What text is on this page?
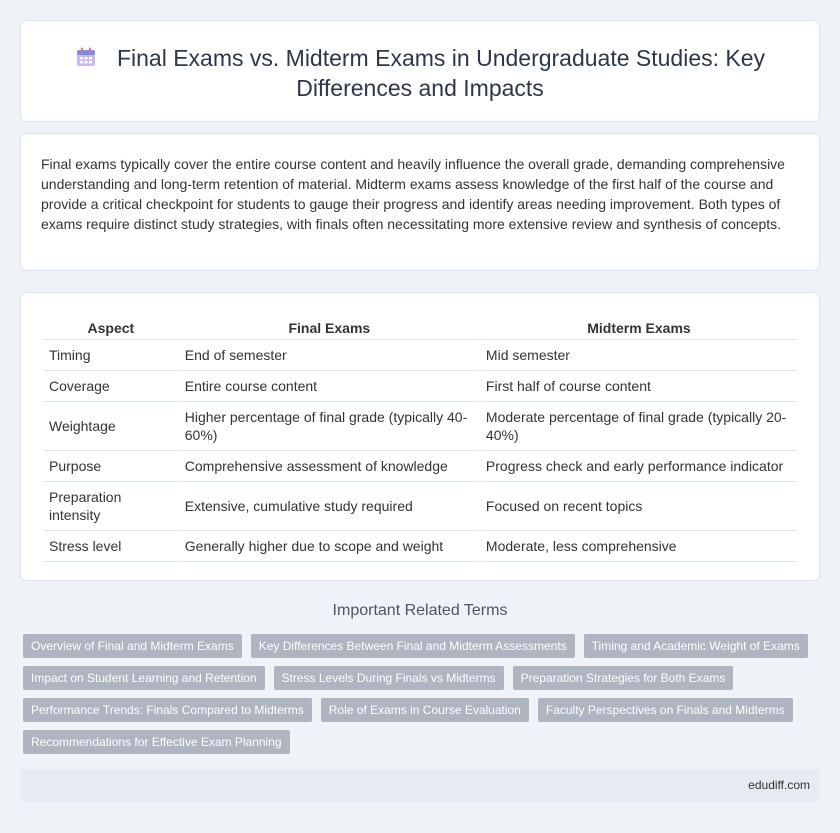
Final Exams vs. Midterm Exams in Undergraduate Studies: Key Differences and Impacts

Final exams typically cover the entire course content and heavily influence the overall grade, demanding comprehensive understanding and long-term retention of material. Midterm exams assess knowledge of the first half of the course and provide a critical checkpoint for students to gauge their progress and identify areas needing improvement. Both types of exams require distinct study strategies, with finals often necessitating more extensive review and synthesis of concepts.

Aspect	Final Exams	Midterm Exams
Timing	End of semester	Mid semester
Coverage	Entire course content	First half of course content
Weightage	Higher percentage of final grade (typically 40-60%)	Moderate percentage of final grade (typically 20-40%)
Purpose	Comprehensive assessment of knowledge	Progress check and early performance indicator
Preparation intensity	Extensive, cumulative study required	Focused on recent topics
Stress level	Generally higher due to scope and weight	Moderate, less comprehensive
Important Related Terms
Overview of Final and Midterm Exams	Key Differences Between Final and Midterm Assessments	Timing and Academic Weight of Exams
Impact on Student Learning and Retention	Stress Levels During Finals vs Midterms	Preparation Strategies for Both Exams
Performance Trends: Finals Compared to Midterms	Role of Exams in Course Evaluation	Faculty Perspectives on Finals and Midterms
Recommendations for Effective Exam Planning
edudiff.com
